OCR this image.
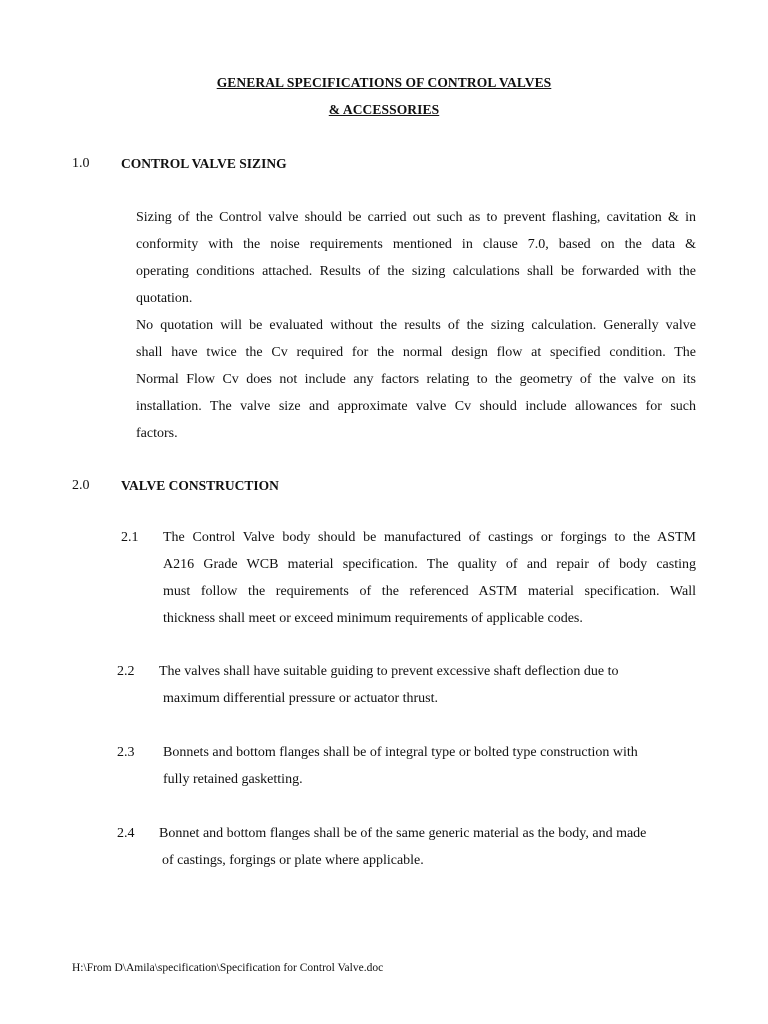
GENERAL SPECIFICATIONS OF CONTROL VALVES
& ACCESSORIES
1.0 CONTROL VALVE SIZING
Sizing of the Control valve should be carried out such as to prevent flashing, cavitation & in
conformity with the noise requirements mentioned in clause 7.0, based on the data &
operating conditions attached. Results of the sizing calculations shall be forwarded with the
quotation.
No quotation will be evaluated without the results of the sizing calculation. Generally valve
shall have twice the Cv required for the normal design flow at specified condition. The
Normal Flow Cv does not include any factors relating to the geometry of the valve on its
installation. The valve size and approximate valve Cv should include allowances for such
factors.
2.0 VALVE CONSTRUCTION
2.1 The Control Valve body should be manufactured of castings or forgings to the ASTM
A216 Grade WCB material specification. The quality of and repair of body casting
must follow the requirements of the referenced ASTM material specification. Wall
thickness shall meet or exceed minimum requirements of applicable codes.
2.2 The valves shall have suitable guiding to prevent excessive shaft deflection due to
maximum differential pressure or actuator thrust.
2.3 Bonnets and bottom flanges shall be of integral type or bolted type construction with
fully retained gasketting.
2.4 Bonnet and bottom flanges shall be of the same generic material as the body, and made
of castings, forgings or plate where applicable.
H:\From D\Amila\specification\Specification for Control Valve.doc
